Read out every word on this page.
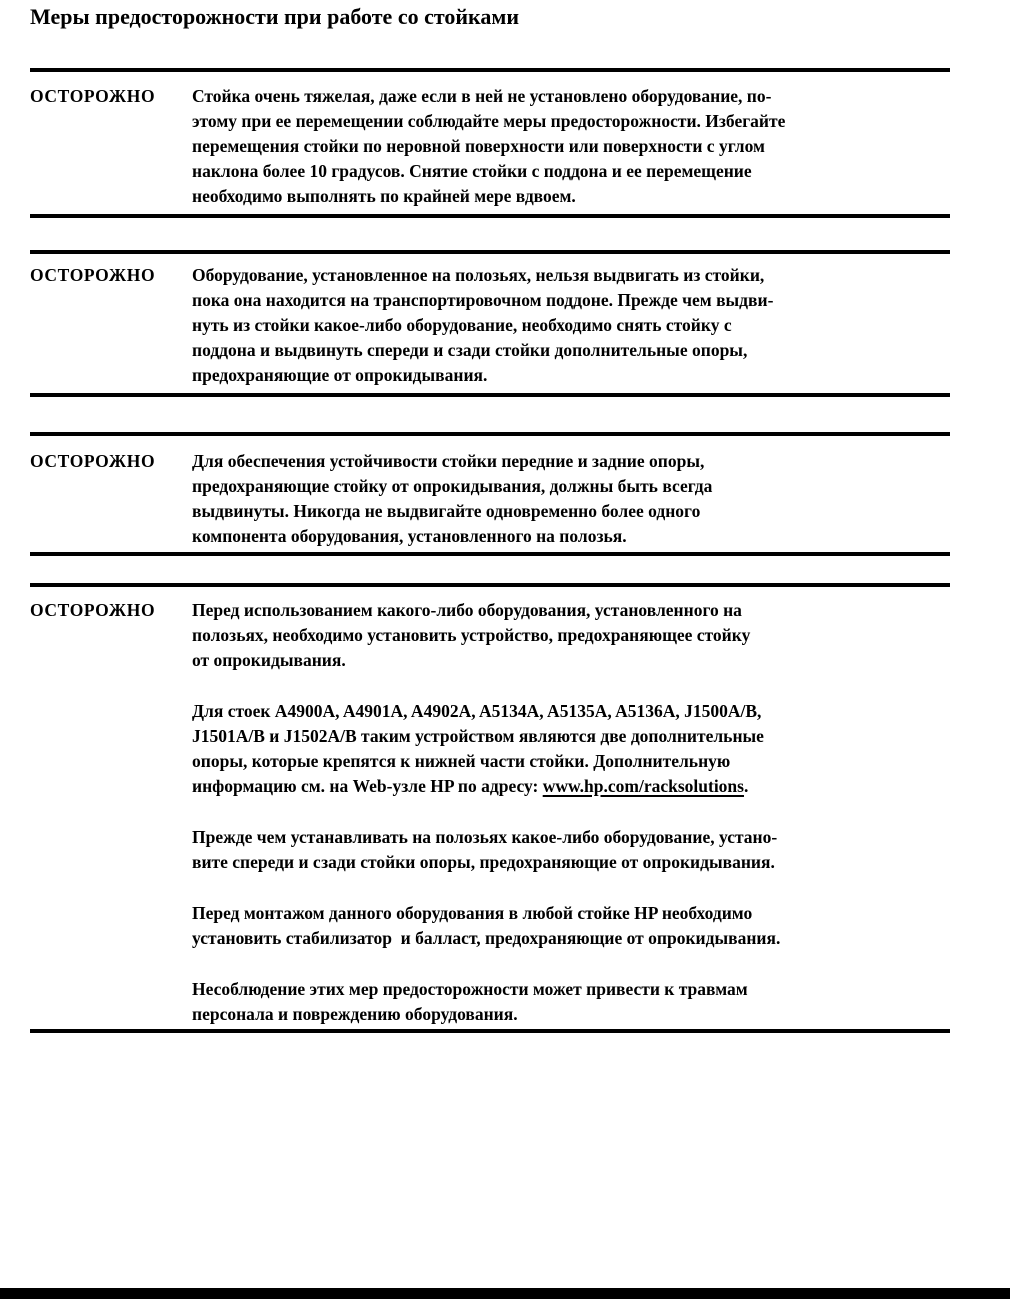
Меры предосторожности при работе со стойками
ОСТОРОЖНО	Стойка очень тяжелая, даже если в ней не установлено оборудование, по-
этому при ее перемещении соблюдайте меры предосторожности. Избегайте
перемещения стойки по неровной поверхности или поверхности с углом
наклона более 10 градусов. Снятие стойки с поддона и ее перемещение
необходимо выполнять по крайней мере вдвоем.
ОСТОРОЖНО	Оборудование, установленное на полозьях, нельзя выдвигать из стойки,
пока она находится на транспортировочном поддоне. Прежде чем выдви-
нуть из стойки какое-либо оборудование, необходимо снять стойку с
поддона и выдвинуть спереди и сзади стойки дополнительные опоры,
предохраняющие от опрокидывания.
ОСТОРОЖНО	Для обеспечения устойчивости стойки передние и задние опоры,
предохраняющие стойку от опрокидывания, должны быть всегда
выдвинуты. Никогда не выдвигайте одновременно более одного
компонента оборудования, установленного на полозья.
ОСТОРОЖНО	Перед использованием какого-либо оборудования, установленного на
полозьях, необходимо установить устройство, предохраняющее стойку
от опрокидывания.
Для стоек A4900A, A4901A, A4902A, A5134A, A5135A, A5136A, J1500A/B,
J1501A/B и J1502A/B таким устройством являются две дополнительные
опоры, которые крепятся к нижней части стойки. Дополнительную
информацию см. на Web-узле HP по адресу: www.hp.com/racksolutions.
Прежде чем устанавливать на полозьях какое-либо оборудование, устано-
вите спереди и сзади стойки опоры, предохраняющие от опрокидывания.
Перед монтажом данного оборудования в любой стойке HP необходимо
установить стабилизатор  и балласт, предохраняющие от опрокидывания.
Несоблюдение этих мер предосторожности может привести к травмам
персонала и повреждению оборудования.
